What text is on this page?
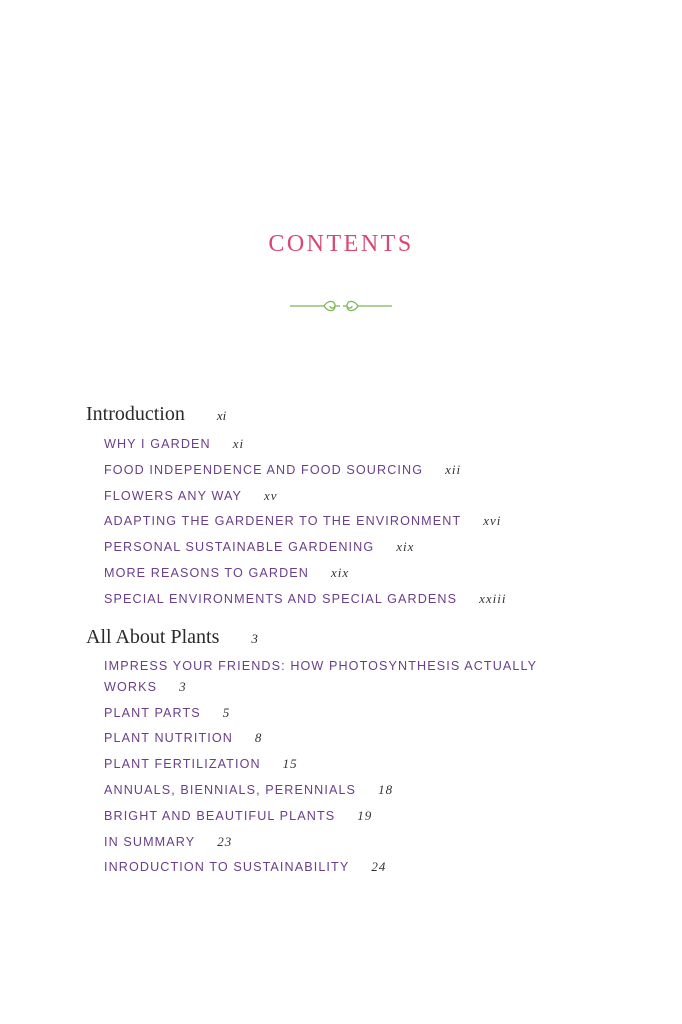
CONTENTS
Introduction xi
WHY I GARDEN xi
FOOD INDEPENDENCE AND FOOD SOURCING xii
FLOWERS ANY WAY xv
ADAPTING THE GARDENER TO THE ENVIRONMENT xvi
PERSONAL SUSTAINABLE GARDENING xix
MORE REASONS TO GARDEN xix
SPECIAL ENVIRONMENTS AND SPECIAL GARDENS xxiii
All About Plants 3
IMPRESS YOUR FRIENDS: HOW PHOTOSYNTHESIS ACTUALLY WORKS 3
PLANT PARTS 5
PLANT NUTRITION 8
PLANT FERTILIZATION 15
ANNUALS, BIENNIALS, PERENNIALS 18
BRIGHT AND BEAUTIFUL PLANTS 19
IN SUMMARY 23
INRODUCTION TO SUSTAINABILITY 24
